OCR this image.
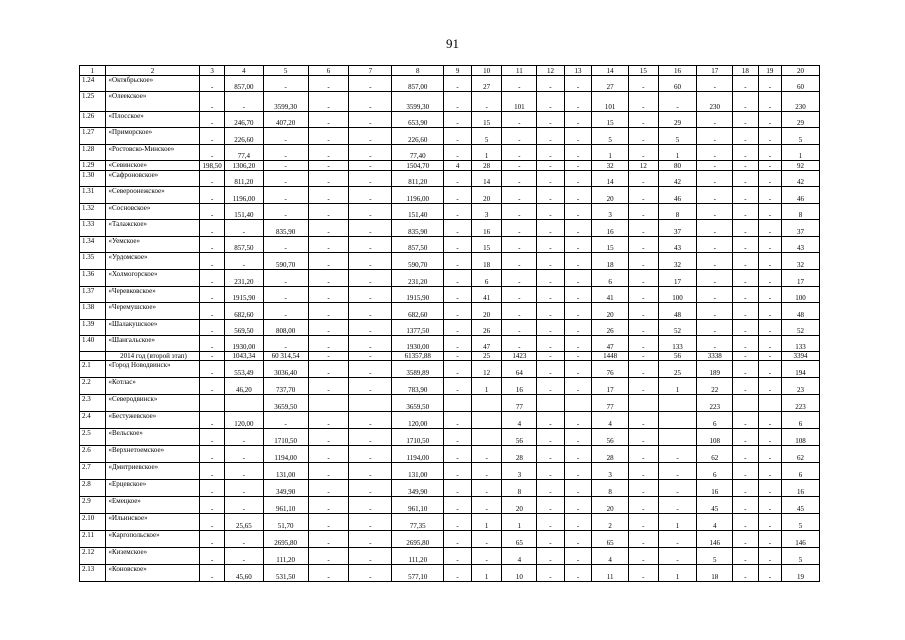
91
1	2	3	4	5	6	7	8	9	10	11	12	13	14	15	16	17	18	19	20
1.24	«Октябрьское»	-	857,00	-	-	-	857,00	-	27	-	-	-	27	-	60	-	-	-	60
1.25	«Олеекское»	-	-	3599,30	-	-	3599,30	-	-	101	-	-	101	-	-	230	-	-	230
1.26	«Плосское»	-	246,70	407,20	-	-	653,90	-	15	-	-	-	15	-	29	-	-	-	29
1.27	«Приморское»	-	226,60	-	-	-	226,60	-	5	-	-	-	5	-	5	-	-	-	5
1.28	«Ростовско-Минское»	-	77,4	-	-	-	77,40	-	1	-	-	-	1	-	1	-	-	-	1
1.29	«Севинское»	198,50	1306,20	-	-	-	1504,70	4	28	-	-	-	32	12	80	-	-	-	92
1.30	«Сафроновское»	-	811,20	-	-	-	811,20	-	14	-	-	-	14	-	42	-	-	-	42
1.31	«Североонежское»	-	1196,00	-	-	-	1196,00	-	20	-	-	-	20	-	46	-	-	-	46
1.32	«Сосновское»	-	151,40	-	-	-	151,40	-	3	-	-	-	3	-	8	-	-	-	8
1.33	«Талажское»	-	-	835,90	-	-	835,90	-	16	-	-	-	16	-	37	-	-	-	37
1.34	«Уемское»	-	857,50	-	-	-	857,50	-	15	-	-	-	15	-	43	-	-	-	43
1.35	«Урдомское»	-	-	590,70	-	-	590,70	-	18	-	-	-	18	-	32	-	-	-	32
1.36	«Холмогорское»	-	231,20	-	-	-	231,20	-	6	-	-	-	6	-	17	-	-	-	17
1.37	«Черевковское»	-	1915,90	-	-	-	1915,90	-	41	-	-	-	41	-	100	-	-	-	100
1.38	«Черемушское»	-	682,60	-	-	-	682,60	-	20	-	-	-	20	-	48	-	-	-	48
1.39	«Шалакушское»	-	569,50	808,00	-	-	1377,50	-	26	-	-	-	26	-	52	-	-	-	52
1.40	«Шангальское»	-	1930,00	-	-	-	1930,00	-	47	-	-	-	47	-	133	-	-	-	133
	2014 год (второй этап)	-	1043,34	60 314,54	-	-	61357,88	-	25	1423	-	-	1448	-	56	3338	-	-	3394
2.1	«Город Новодвинск»	-	553,49	3036,40	-	-	3589,89	-	12	64	-	-	76	-	25	189	-	-	194
2.2	«Котлас»	-	46,20	737,70	-	-	783,90	-	1	16	-	-	17	-	1	22	-	-	23
2.3	«Северодвинск»			3659,50			3659,50			77			77			223			223
2.4	«Бестужевское»	-	120,00	-	-	-	120,00	-		4	-	-	4	-		6	-	-	6
2.5	«Вельское»	-	-	1710,50	-	-	1710,50	-		56	-	-	56	-		108	-	-	108
2.6	«Верхнетоемское»	-	-	1194,00	-	-	1194,00	-	-	28	-	-	28	-	-	62	-	-	62
2.7	«Дмитриевское»	-	-	131,00	-	-	131,00	-	-	3	-	-	3	-	-	6	-	-	6
2.8	«Ерцевское»	-	-	349,90	-	-	349,90	-	-	8	-	-	8	-	-	16	-	-	16
2.9	«Емецкое»	-	-	961,10	-	-	961,10	-	-	20	-	-	20	-	-	45	-	-	45
2.10	«Ильинское»	-	25,65	51,70	-	-	77,35	-	1	1	-	-	2	-	1	4	-	-	5
2.11	«Каргопольское»	-	-	2695,80	-	-	2695,80	-	-	65	-	-	65	-	-	146	-	-	146
2.12	«Киземское»	-	-	111,20	-	-	111,20	-	-	4	-	-	4	-	-	5	-	-	5
2.13	«Коновское»	-	45,60	531,50	-	-	577,10	-	1	10	-	-	11	-	1	18	-	-	19
